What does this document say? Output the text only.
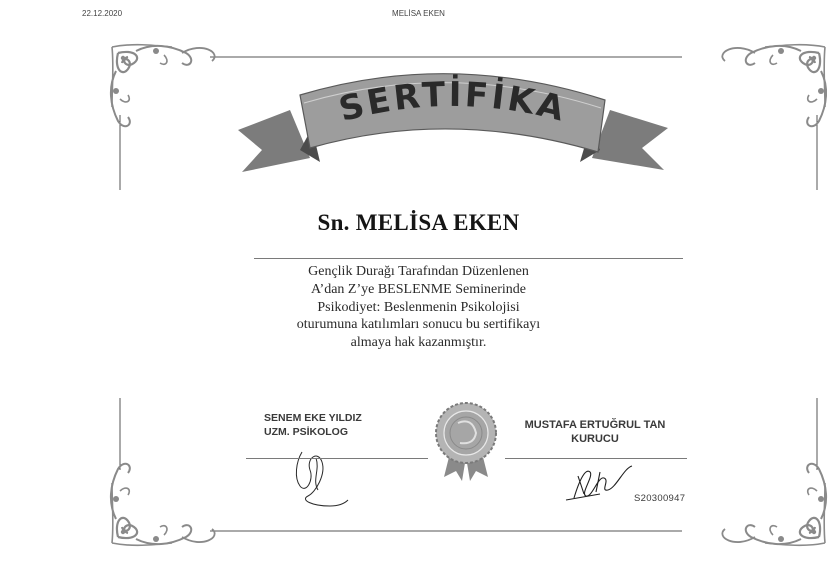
22.12.2020	MELİSA EKEN
SERTİFİKA
Sn. MELİSA EKEN
Gençlik Durağı Tarafından Düzenlenen
A’dan Z’ye BESLENME Seminerinde
Psikodiyet: Beslenmenin Psikolojisi
oturumuna katılımları sonucu bu sertifikayı
almaya hak kazanmıştır.
SENEM EKE YILDIZ
UZM. PSİKOLOG
MUSTAFA ERTUĞRUL TAN
KURUCU
S20300947
